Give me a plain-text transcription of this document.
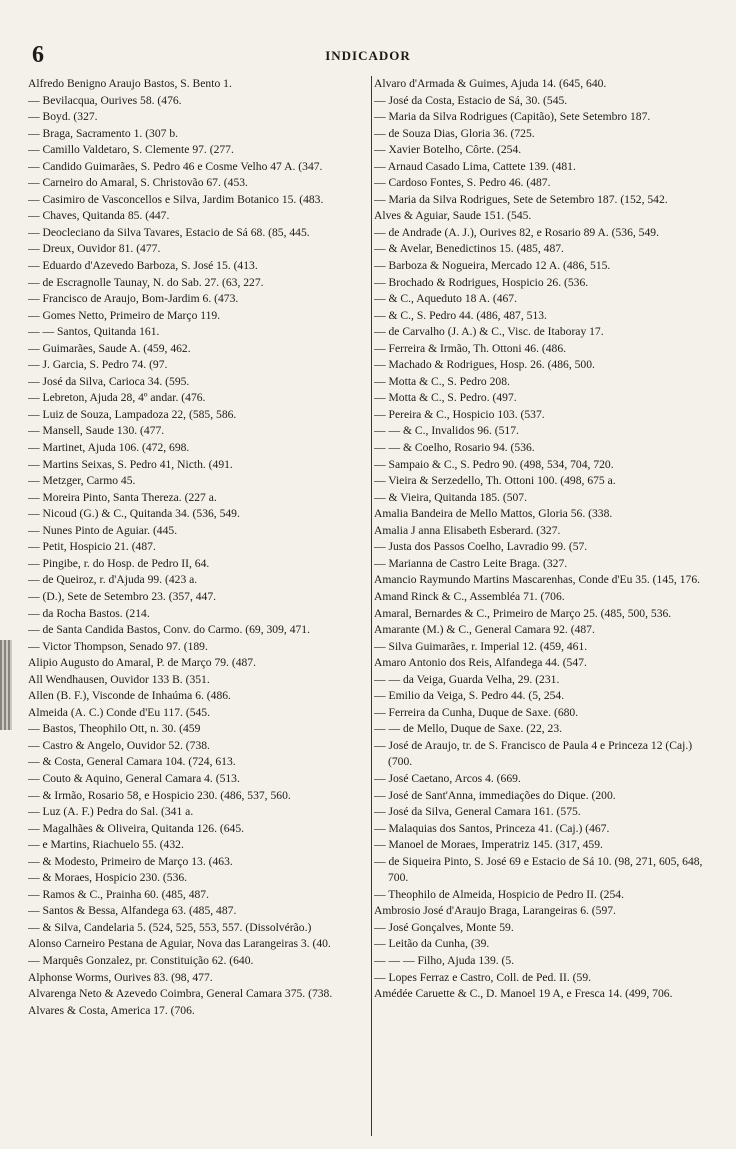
6	INDICADOR

Alfredo Benigno Araujo Bastos, S. Bento 1.

— Bevilacqua, Ourives 58. (476.

— Boyd. (327.

— Braga, Sacramento 1. (307 b.

— Camillo Valdetaro, S. Clemente 97. (277.

— Candido Guimarães, S. Pedro 46 e Cosme Velho 47 A. (347.

— Carneiro do Amaral, S. Christovão 67. (453.

— Casimiro de Vasconcellos e Silva, Jardim Botanico 15. (483.

— Chaves, Quitanda 85. (447.

— Deocleciano da Silva Tavares, Estacio de Sá 68. (85, 445.

— Dreux, Ouvidor 81. (477.

— Eduardo d'Azevedo Barboza, S. José 15. (413.

— de Escragnolle Taunay, N. do Sab. 27. (63, 227.

— Francisco de Araujo, Bom-Jardim 6. (473.

— Gomes Netto, Primeiro de Março 119.

— — Santos, Quitanda 161.

— Guimarães, Saude A. (459, 462.

— J. Garcia, S. Pedro 74. (97.

— José da Silva, Carioca 34. (595.

— Lebreton, Ajuda 28, 4º andar. (476.

— Luiz de Souza, Lampadoza 22, (585, 586.

— Mansell, Saude 130. (477.

— Martinet, Ajuda 106. (472, 698.

— Martins Seixas, S. Pedro 41, Nicth. (491.

— Metzger, Carmo 45.

— Moreira Pinto, Santa Thereza. (227 a.

— Nicoud (G.) & C., Quitanda 34. (536, 549.

— Nunes Pinto de Aguiar. (445.

— Petit, Hospicio 21. (487.

— Pingibe, r. do Hosp. de Pedro II, 64.

— de Queiroz, r. d'Ajuda 99. (423 a.

— (D.), Sete de Setembro 23. (357, 447.

— da Rocha Bastos. (214.

— de Santa Candida Bastos, Conv. do Carmo. (69, 309, 471.

— Victor Thompson, Senado 97. (189.

Alipio Augusto do Amaral, P. de Março 79. (487.

All Wendhausen, Ouvidor 133 B. (351.

Allen (B. F.), Visconde de Inhaúma 6. (486.

Almeida (A. C.) Conde d'Eu 117. (545.

— Bastos, Theophilo Ott, n. 30. (459

— Castro & Angelo, Ouvidor 52. (738.

— & Costa, General Camara 104. (724, 613.

— Couto & Aquino, General Camara 4. (513.

— & Irmão, Rosario 58, e Hospicio 230. (486, 537, 560.

— Luz (A. F.) Pedra do Sal. (341 a.

— Magalhães & Oliveira, Quitanda 126. (645.

— e Martins, Riachuelo 55. (432.

— & Modesto, Primeiro de Março 13. (463.

— & Moraes, Hospicio 230. (536.

— Ramos & C., Prainha 60. (485, 487.

— Santos & Bessa, Alfandega 63. (485, 487.

— & Silva, Candelaria 5. (524, 525, 553, 557. (Dissolvérão.)

Alonso Carneiro Pestana de Aguiar, Nova das Larangeiras 3. (40.

— Marquês Gonzalez, pr. Constituição 62. (640.

Alphonse Worms, Ourives 83. (98, 477.

Alvarenga Neto & Azevedo Coimbra, General Camara 375. (738.

Alvares & Costa, America 17. (706.

Alvaro d'Armada & Guimes, Ajuda 14. (645, 640.

— José da Costa, Estacio de Sá, 30. (545.

— Maria da Silva Rodrigues (Capitão), Sete Setembro 187.

— de Souza Dias, Gloria 36. (725.

— Xavier Botelho, Côrte. (254.

— Arnaud Casado Lima, Cattete 139. (481.

— Cardoso Fontes, S. Pedro 46. (487.

— Maria da Silva Rodrigues, Sete de Setembro 187. (152, 542.

Alves & Aguiar, Saude 151. (545.

— de Andrade (A. J.), Ourives 82, e Rosario 89 A. (536, 549.

— & Avelar, Benedictinos 15. (485, 487.

— Barboza & Nogueira, Mercado 12 A. (486, 515.

— Brochado & Rodrigues, Hospicio 26. (536.

— & C., Aqueduto 18 A. (467.

— & C., S. Pedro 44. (486, 487, 513.

— de Carvalho (J. A.) & C., Visc. de Itaboray 17.

— Ferreira & Irmão, Th. Ottoni 46. (486.

— Machado & Rodrigues, Hosp. 26. (486, 500.

— Motta & C., S. Pedro 208.

— Motta & C., S. Pedro. (497.

— Pereira & C., Hospicio 103. (537.

— — & C., Invalidos 96. (517.

— — & Coelho, Rosario 94. (536.

— Sampaio & C., S. Pedro 90. (498, 534, 704, 720.

— Vieira & Serzedello, Th. Ottoni 100. (498, 675 a.

— & Vieira, Quitanda 185. (507.

Amalia Bandeira de Mello Mattos, Gloria 56. (338.

Amalia J anna Elisabeth Esberard. (327.

— Justa dos Passos Coelho, Lavradio 99. (57.

— Marianna de Castro Leite Braga. (327.

Amancio Raymundo Martins Mascarenhas, Conde d'Eu 35. (145, 176.

Amand Rinck & C., Assembléa 71. (706.

Amaral, Bernardes & C., Primeiro de Março 25. (485, 500, 536.

Amarante (M.) & C., General Camara 92. (487.

— Silva Guimarães, r. Imperial 12. (459, 461.

Amaro Antonio dos Reis, Alfandega 44. (547.

— — da Veiga, Guarda Velha, 29. (231.

— Emilio da Veiga, S. Pedro 44. (5, 254.

— Ferreira da Cunha, Duque de Saxe. (680.

— — de Mello, Duque de Saxe. (22, 23.

— José de Araujo, tr. de S. Francisco de Paula 4 e Princeza 12 (Caj.) (700.

— José Caetano, Arcos 4. (669.

— José de Sant'Anna, immediações do Dique. (200.

— José da Silva, General Camara 161. (575.

— Malaquias dos Santos, Princeza 41. (Caj.) (467.

— Manoel de Moraes, Imperatriz 145. (317, 459.

— de Siqueira Pinto, S. José 69 e Estacio de Sá 10. (98, 271, 605, 648, 700.

— Theophilo de Almeida, Hospicio de Pedro II. (254.

Ambrosio José d'Araujo Braga, Larangeiras 6. (597.

— José Gonçalves, Monte 59.

— Leitão da Cunha, (39.

— — — Filho, Ajuda 139. (5.

— Lopes Ferraz e Castro, Coll. de Ped. II. (59.

Amédée Caruette & C., D. Manoel 19 A, e Fresca 14. (499, 706.
